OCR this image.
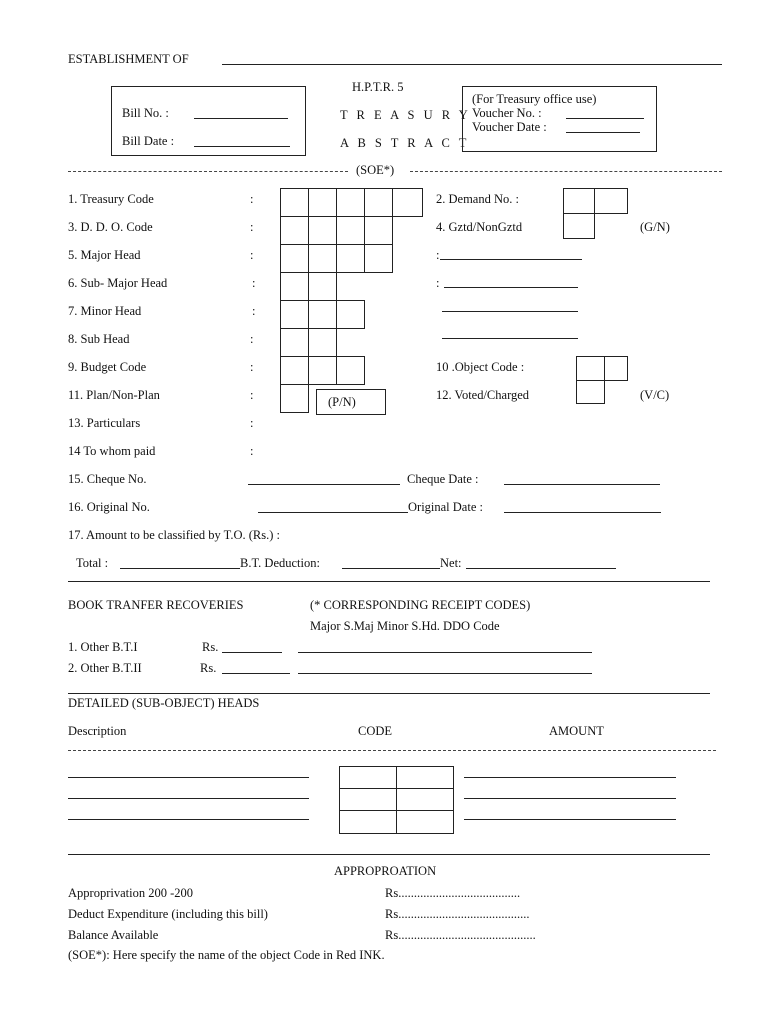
ESTABLISHMENT OF
H.P.T.R. 5
T R E A S U R Y
A B S T R A C T
Bill No. :
Bill Date :
(For Treasury office use)
Voucher No. :
Voucher Date :
(SOE*)
1. Treasury Code	:
3. D. D. O. Code	:
5. Major Head	:
6. Sub- Major Head	:
7. Minor Head	:
8. Sub Head	:
9. Budget Code	:
11. Plan/Non-Plan	:
13. Particulars	:
14 To whom paid	:
(P/N)
2. Demand No. :
4. Gztd/NonGztd	(G/N)
:
:
10 .Object Code :
12. Voted/Charged	(V/C)
15. Cheque No.	Cheque Date :
16. Original No.	Original Date :
17. Amount to be classified by T.O. (Rs.) :
Total :	B.T. Deduction:	Net:
BOOK TRANFER RECOVERIES	(* CORRESPONDING RECEIPT CODES)
Major S.Maj Minor S.Hd. DDO Code
1. Other B.T.I	Rs.
2. Other B.T.II	Rs.
DETAILED (SUB-OBJECT) HEADS
Description	CODE	AMOUNT
APPROPROATION
Approprivation 200 -200	Rs.......................................
Deduct Expenditure (including this bill)	Rs..........................................
Balance Available	Rs............................................
(SOE*): Here specify the name of the object Code in Red INK.
